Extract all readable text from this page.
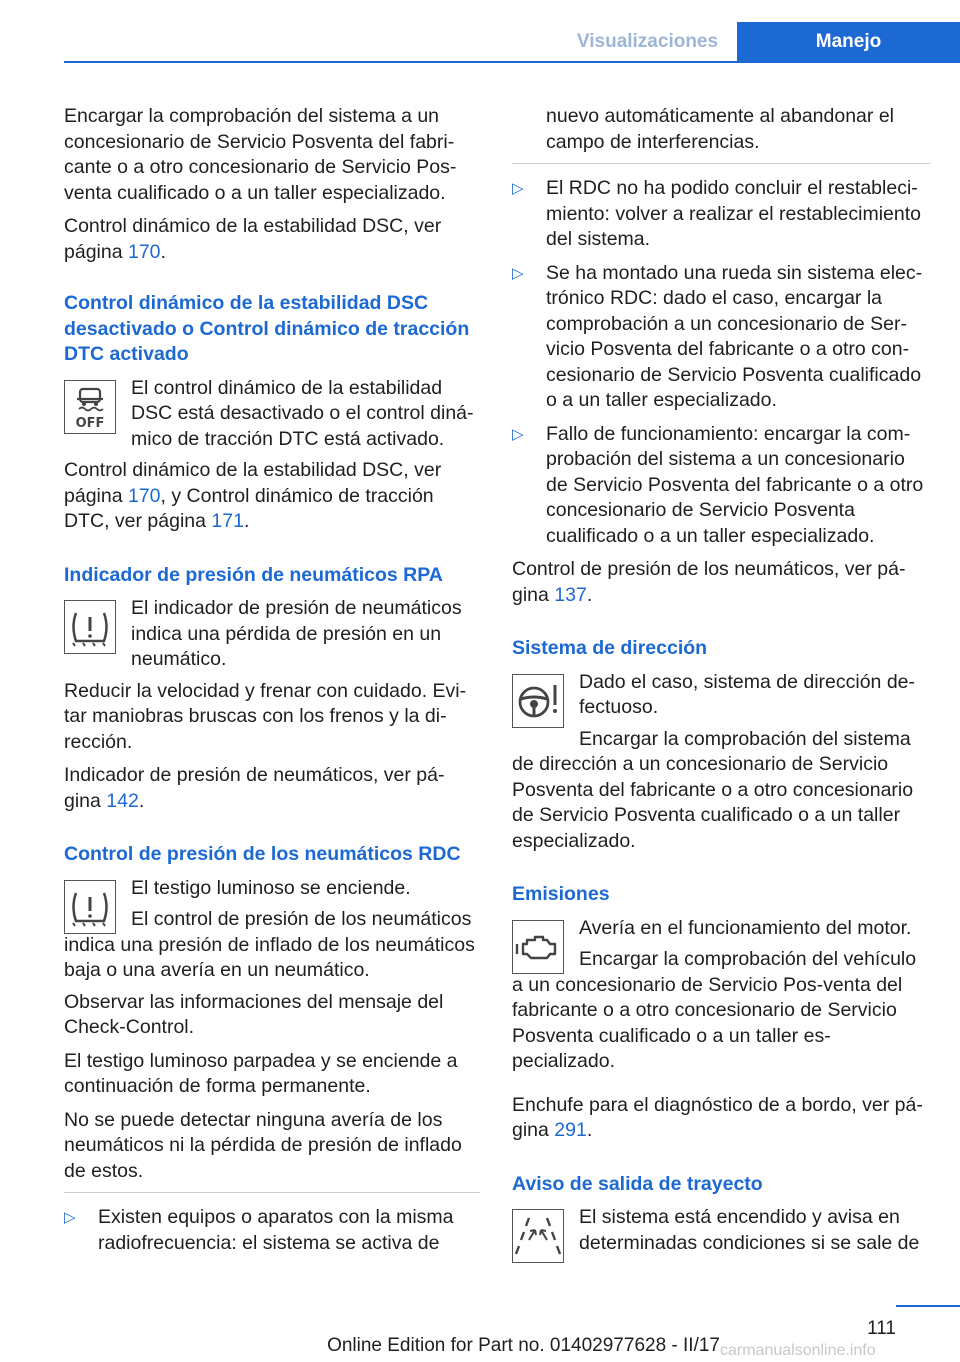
Visualizaciones	Manejo

Encargar la comprobación del sistema a un concesionario de Servicio Posventa del fabri‐cante o a otro concesionario de Servicio Pos‐venta cualificado o a un taller especializado.

Control dinámico de la estabilidad DSC, ver página 170.

Control dinámico de la estabilidad DSC desactivado o Control dinámico de tracción DTC activado
OFF

El control dinámico de la estabilidad DSC está desactivado o el control diná‐mico de tracción DTC está activado.

Control dinámico de la estabilidad DSC, ver página 170, y Control dinámico de tracción DTC, ver página 171.

Indicador de presión de neumáticos RPA

El indicador de presión de neumáticos indica una pérdida de presión en un neumático.

Reducir la velocidad y frenar con cuidado. Evi‐tar maniobras bruscas con los frenos y la di‐rección.

Indicador de presión de neumáticos, ver pá‐gina 142.

Control de presión de los neumáticos RDC

El testigo luminoso se enciende.

El control de presión de los neumáticos indica una presión de inflado de los neumáticos baja o una avería en un neumático.

Observar las informaciones del mensaje del Check-Control.

El testigo luminoso parpadea y se enciende a continuación de forma permanente.

No se puede detectar ninguna avería de los neumáticos ni la pérdida de presión de inflado de estos.

▷ Existen equipos o aparatos con la misma radiofrecuencia: el sistema se activa de

nuevo automáticamente al abandonar el campo de interferencias.

▷ El RDC no ha podido concluir el restableci‐miento: volver a realizar el restablecimiento del sistema.
▷ Se ha montado una rueda sin sistema elec‐trónico RDC: dado el caso, encargar la comprobación a un concesionario de Ser‐vicio Posventa del fabricante o a otro con‐cesionario de Servicio Posventa cualificado o a un taller especializado.
▷ Fallo de funcionamiento: encargar la com‐probación del sistema a un concesionario de Servicio Posventa del fabricante o a otro concesionario de Servicio Posventa cualificado o a un taller especializado.

Control de presión de los neumáticos, ver pá‐gina 137.

Sistema de dirección

Dado el caso, sistema de dirección de‐fectuoso.

Encargar la comprobación del sistema de dirección a un concesionario de Servicio Posventa del fabricante o a otro concesionario de Servicio Posventa cualificado o a un taller especializado.

Emisiones

Avería en el funcionamiento del motor.

Encargar la comprobación del vehículo a un concesionario de Servicio Pos‐venta del fabricante o a otro concesionario de Servicio Posventa cualificado o a un taller es‐pecializado.

Enchufe para el diagnóstico de a bordo, ver pá‐gina 291.

Aviso de salida de trayecto

El sistema está encendido y avisa en determinadas condiciones si se sale de

111
Online Edition for Part no. 01402977628 - II/17 carmanualsonline.info
